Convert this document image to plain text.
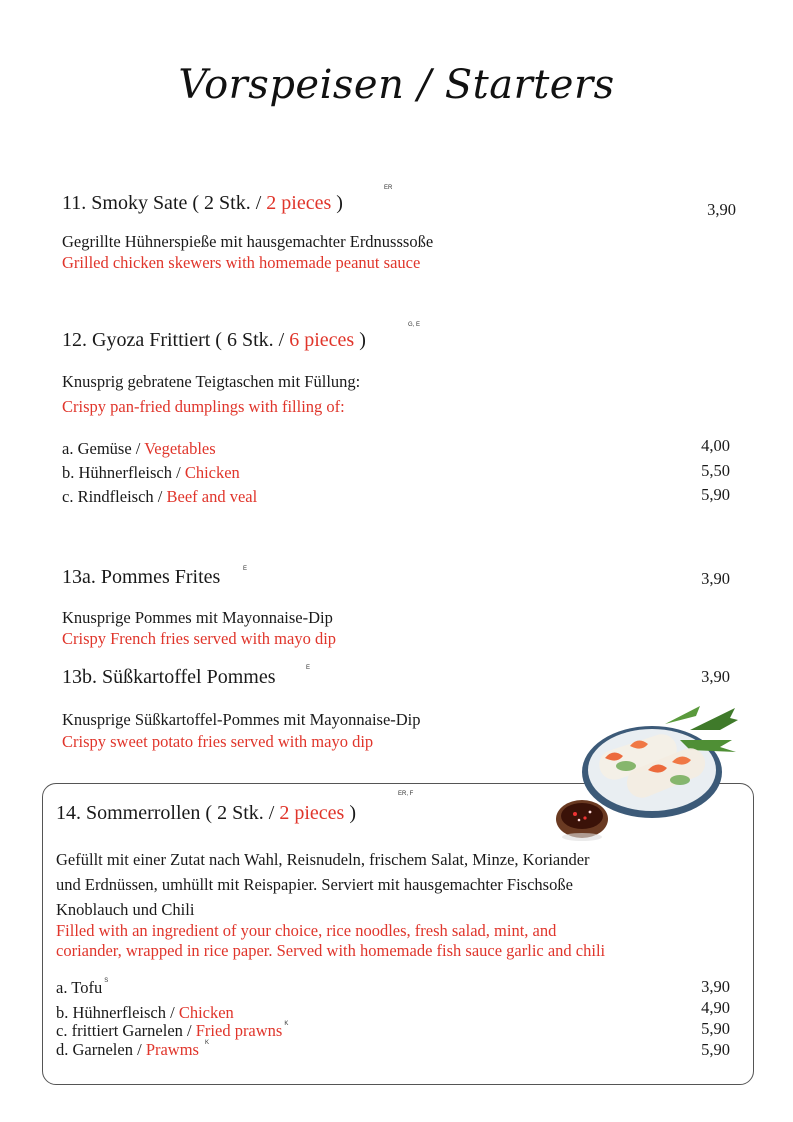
Vorspeisen / Starters
11. Smoky Sate ( 2 Stk. / 2 pieces )
ER
3,90
Gegrillte Hühnerspieße mit hausgemachter Erdnusssoße
Grilled chicken skewers with homemade peanut sauce
12. Gyoza Frittiert ( 6 Stk. / 6 pieces )
G, E
Knusprig gebratene Teigtaschen mit Füllung:
Crispy pan-fried dumplings with filling of:
a. Gemüse / Vegetables	4,00
b. Hühnerfleisch / Chicken	5,50
c. Rindfleisch / Beef and veal	5,90
13a. Pommes Frites	E	3,90
Knusprige Pommes mit Mayonnaise-Dip
Crispy French fries served with mayo dip
13b. Süßkartoffel Pommes	E	3,90
Knusprige Süßkartoffel-Pommes mit Mayonnaise-Dip
Crispy sweet potato fries served with mayo dip
14. Sommerrollen ( 2 Stk. / 2 pieces )
ER, F
Gefüllt mit einer Zutat nach Wahl, Reisnudeln, frischem Salat, Minze, Koriander
und Erdnüssen, umhüllt mit Reispapier. Serviert mit hausgemachter Fischsoße
Knoblauch und Chili
Filled with an ingredient of your choice, rice noodles, fresh salad, mint, and
coriander, wrapped in rice paper. Served with homemade fish sauce garlic and chili
a. Tofu $^S$	3,90
b. Hühnerfleisch / Chicken	4,90
c. frittiert Garnelen / Fried prawns $^K$	5,90
d. Garnelen / Prawms $^K$	5,90
